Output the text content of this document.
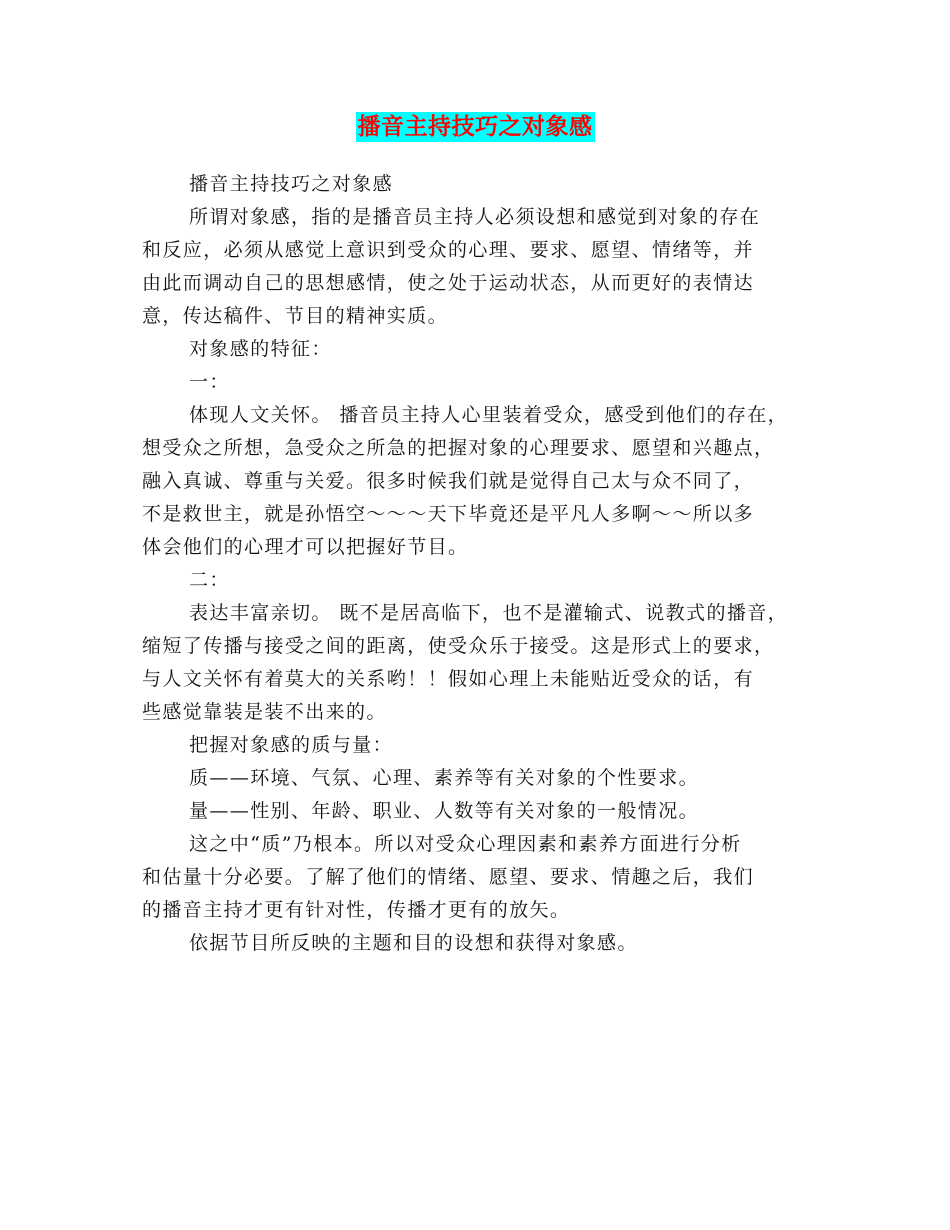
播音主持技巧之对象感
播音主持技巧之对象感
所谓对象感，指的是播音员主持人必须设想和感觉到对象的存在
和反应，必须从感觉上意识到受众的心理、要求、愿望、情绪等，并
由此而调动自己的思想感情，使之处于运动状态，从而更好的表情达
意，传达稿件、节目的精神实质。
对象感的特征：
一：
体现人文关怀。 播音员主持人心里装着受众，感受到他们的存在，
想受众之所想，急受众之所急的把握对象的心理要求、愿望和兴趣点，
融入真诚、尊重与关爱。很多时候我们就是觉得自己太与众不同了，
不是救世主，就是孙悟空～～～天下毕竟还是平凡人多啊～～所以多
体会他们的心理才可以把握好节目。
二：
表达丰富亲切。 既不是居高临下，也不是灌输式、说教式的播音，
缩短了传播与接受之间的距离，使受众乐于接受。这是形式上的要求，
与人文关怀有着莫大的关系哟！！假如心理上未能贴近受众的话，有
些感觉靠装是装不出来的。
把握对象感的质与量：
质——环境、气氛、心理、素养等有关对象的个性要求。
量——性别、年龄、职业、人数等有关对象的一般情况。
这之中“质”乃根本。所以对受众心理因素和素养方面进行分析
和估量十分必要。了解了他们的情绪、愿望、要求、情趣之后，我们
的播音主持才更有针对性，传播才更有的放矢。
依据节目所反映的主题和目的设想和获得对象感。
